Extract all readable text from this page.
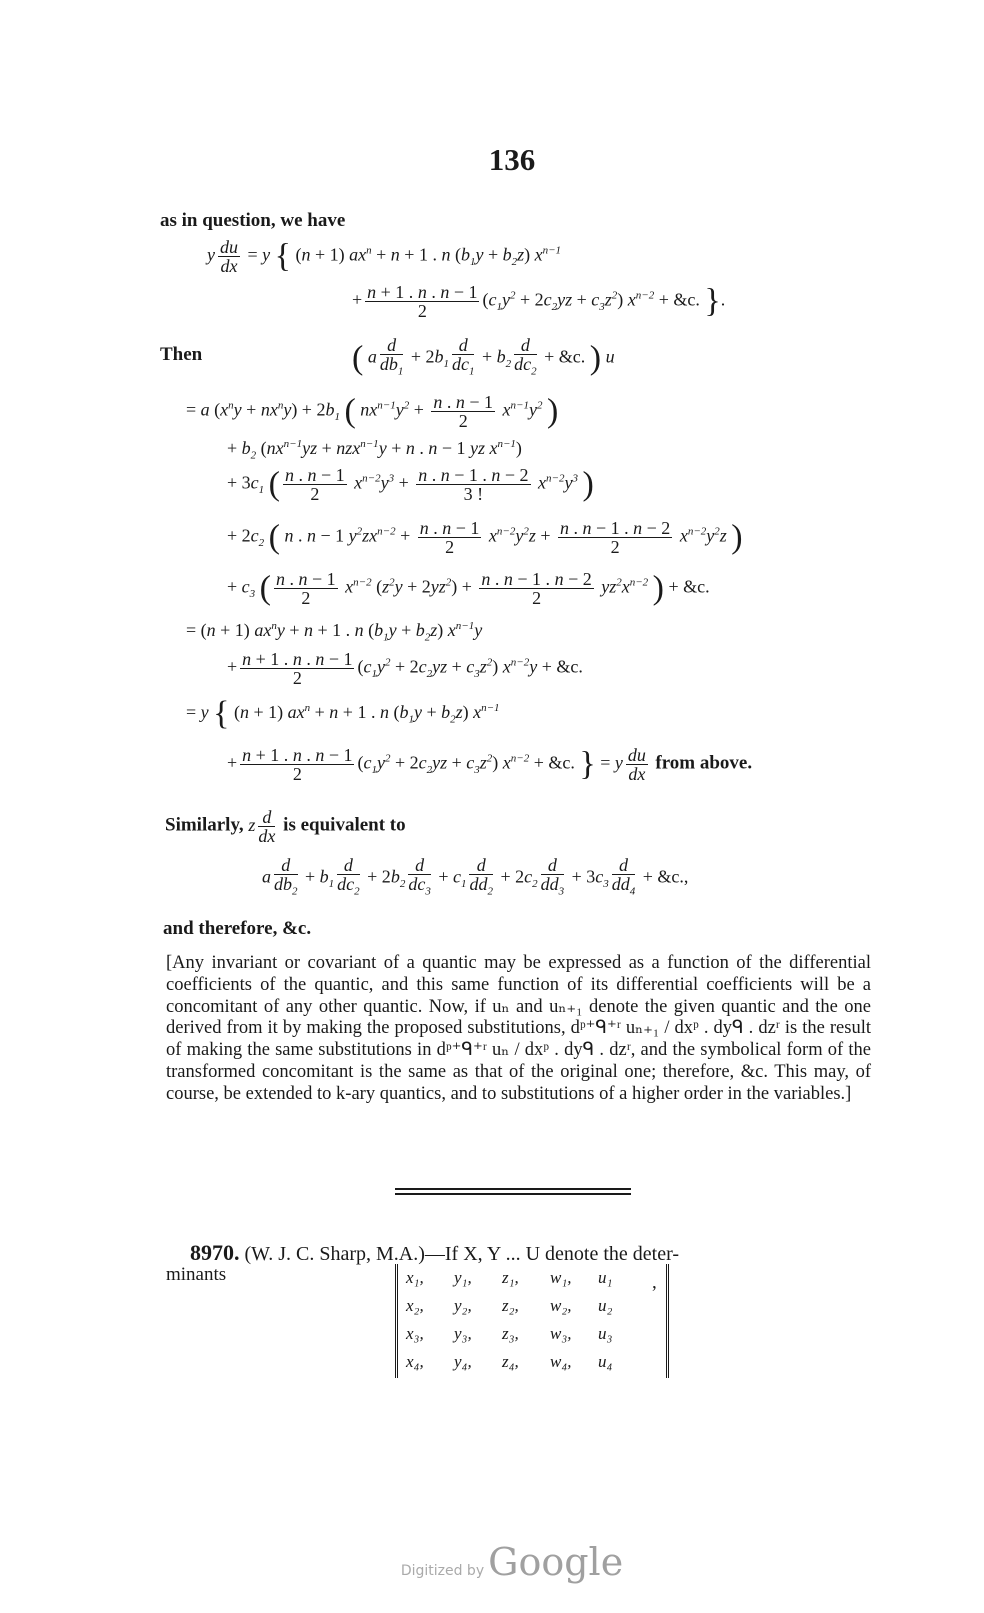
136
as in question, we have
y $\frac{du}{dx} = y$ { (n + 1) $ax^n + n + 1$ . n $(b_1y + b_2z)$ $x^{n-1}$
+ $\frac{n + 1 . n . n - 1}{2} (c_1y^2 + 2c_2yz + c_3z^2) x^{n-2}$ + &c. }.
Then	( a $\frac{d}{db_1} + 2b_1 \frac{d}{dc_1} + b_2 \frac{d}{dc_2}$ + &c. ) u
= a $(x^ny + nx^ny) + 2b_1$ ( $nx^{n-1}y^2 + \frac{n . n - 1}{2} x^{n-1}y^2$ )
+ $b_2$ ($nx^{n-1}yz + nzx^{n-1}y + n$ . n − 1 yz $x^{n-1}$)
+ $3c_1$ ( $\frac{n . n - 1}{2} x^{n-2}y^3 + \frac{n . n - 1 . n - 2}{3 !} x^{n-2}y^3$ )
+ $2c_2$ ( n . n − 1 $y^2zx^{n-2} + \frac{n . n - 1}{2} x^{n-2}y^2z + \frac{n . n - 1 . n - 2}{2} x^{n-2}y^2z$ )
+ $c_3$ ( $\frac{n . n - 1}{2} x^{n-2}$ $(z^2y + 2yz^2) + \frac{n . n - 1 . n - 2}{2} yz^2x^{n-2}$ ) + &c.
= (n + 1) $ax^ny + n + 1$ . n $(b_1y + b_2z)$ $x^{n-1}y$
+ $\frac{n + 1 . n . n - 1}{2} (c_1y^2 + 2c_2yz + c_3z^2) x^{n-2}y$ + &c.
= y { (n + 1) $ax^n + n + 1$ . n $(b_1y + b_2z)$ $x^{n-1}$
+ $\frac{n + 1 . n . n - 1}{2} (c_1y^2 + 2c_2yz + c_3z^2) x^{n-2}$ + &c. } = y $\frac{du}{dx}$ from above.
Similarly, z $\frac{d}{dx}$ is equivalent to
a $\frac{d}{db_2} + b_1 \frac{d}{dc_2} + 2b_2 \frac{d}{dc_3} + c_1 \frac{d}{dd_2} + 2c_2 \frac{d}{dd_3} + 3c_3 \frac{d}{dd_4}$ + &c.,
and therefore, &c.

[Any invariant or covariant of a quantic may be expressed as a function of the differential coefficients of the quantic, and this same function of its differential coefficients will be a concomitant of any other quantic. Now, if uₙ and uₙ₊₁ denote the given quantic and the one derived from it by making the proposed substitutions, dᵖ⁺ᑫ⁺ʳ uₙ₊₁ / dxᵖ . dyᑫ . dzʳ is the result of making the same substitutions in dᵖ⁺ᑫ⁺ʳ uₙ / dxᵖ . dyᑫ . dzʳ, and the symbolical form of the transformed concomitant is the same as that of the original one; therefore, &c. This may, of course, be extended to k-ary quantics, and to substitutions of a higher order in the variables.]

8970. (W. J. C. Sharp, M.A.)—If X, Y ... U denote the deter-
minants	x₁,	y₁,	z₁,	w₁,	u₁
x₂,	y₂,	z₂,	w₂,	u₂
x₃,	y₃,	z₃,	w₃,	u₃
x₄,	y₄,	z₄,	w₄,	u₄
,
Digitized by Google
